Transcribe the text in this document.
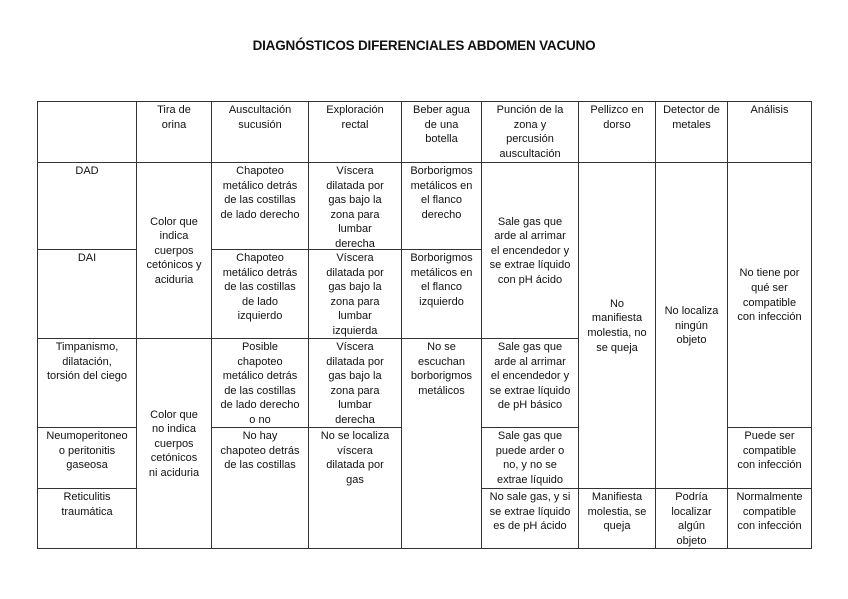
DIAGNÓSTICOS DIFERENCIALES ABDOMEN VACUNO
Tira de
orina
Auscultación
sucusión
Exploración
rectal
Beber agua
de una
botella
Punción de la
zona y
percusión
auscultación
Pellizco en
dorso
Detector de
metales
Análisis
DAD
DAI
Timpanismo,
dilatación,
torsión del ciego
Neumoperitoneo
o peritonitis
gaseosa
Reticulitis
traumática
Color que
indica
cuerpos
cetónicos y
aciduria
Color que
no indica
cuerpos
cetónicos
ni aciduria
Chapoteo
metálico detrás
de las costillas
de lado derecho
Chapoteo
metálico detrás
de las costillas
de lado
izquierdo
Posible
chapoteo
metálico detrás
de las costillas
de lado derecho
o no
No hay
chapoteo detrás
de las costillas
Víscera
dilatada por
gas bajo la
zona para
lumbar
derecha
Víscera
dilatada por
gas bajo la
zona para
lumbar
izquierda
Víscera
dilatada por
gas bajo la
zona para
lumbar
derecha
No se localiza
víscera
dilatada por
gas
Borborigmos
metálicos en
el flanco
derecho
Borborigmos
metálicos en
el flanco
izquierdo
No se
escuchan
borborigmos
metálicos
Sale gas que
arde al arrimar
el encendedor y
se extrae líquido
con pH ácido
Sale gas que
arde al arrimar
el encendedor y
se extrae líquido
de pH básico
Sale gas que
puede arder o
no, y no se
extrae líquido
No sale gas, y si
se extrae líquido
es de pH ácido
No
manifiesta
molestia, no
se queja
Manifiesta
molestia, se
queja
No localiza
ningún
objeto
Podría
localizar
algún
objeto
No tiene por
qué ser
compatible
con infección
Puede ser
compatible
con infección
Normalmente
compatible
con infección
